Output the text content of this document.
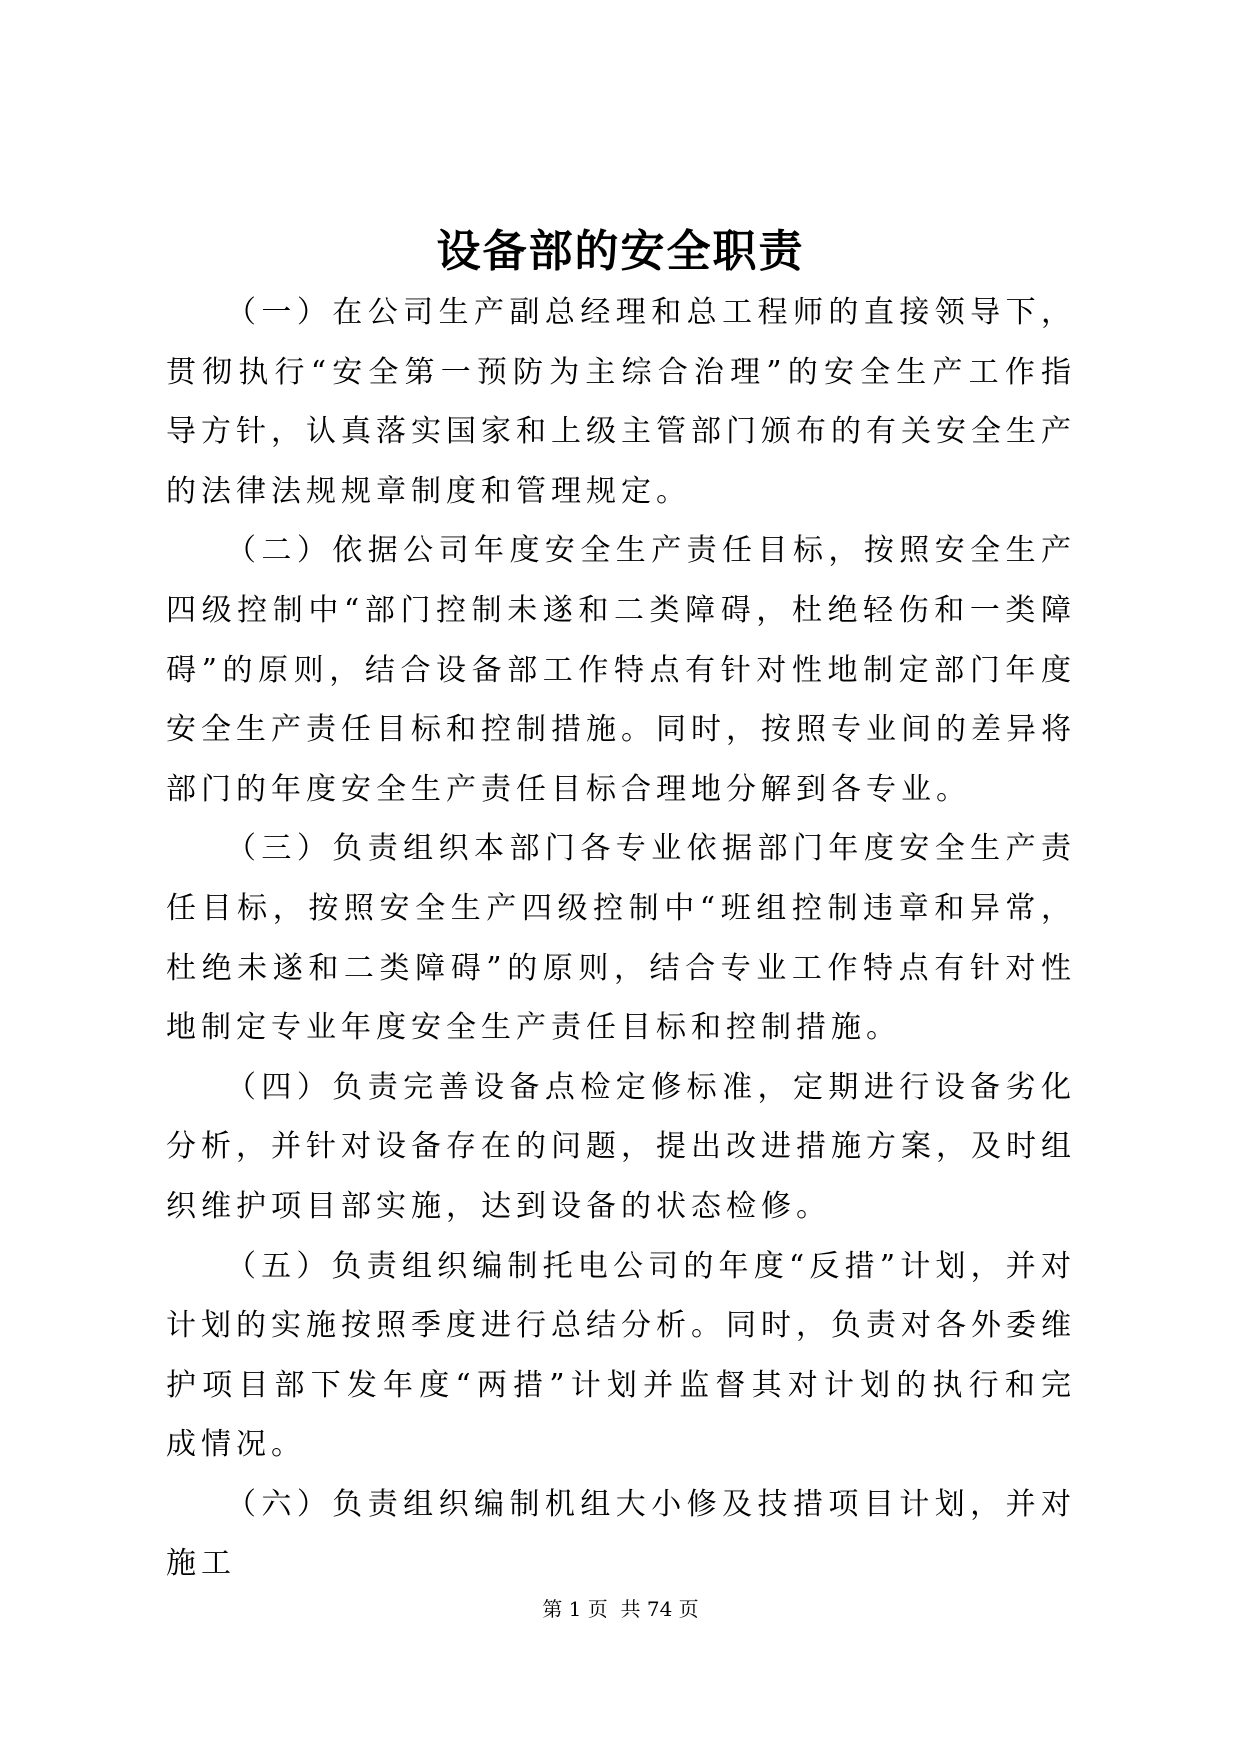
设备部的安全职责

（一）在公司生产副总经理和总工程师的直接领导下，贯彻执行“安全第一预防为主综合治理”的安全生产工作指导方针，认真落实国家和上级主管部门颁布的有关安全生产的法律法规规章制度和管理规定。

（二）依据公司年度安全生产责任目标，按照安全生产四级控制中“部门控制未遂和二类障碍，杜绝轻伤和一类障碍”的原则，结合设备部工作特点有针对性地制定部门年度安全生产责任目标和控制措施。同时，按照专业间的差异将部门的年度安全生产责任目标合理地分解到各专业。

（三）负责组织本部门各专业依据部门年度安全生产责任目标，按照安全生产四级控制中“班组控制违章和异常，杜绝未遂和二类障碍”的原则，结合专业工作特点有针对性地制定专业年度安全生产责任目标和控制措施。

（四）负责完善设备点检定修标准，定期进行设备劣化分析，并针对设备存在的问题，提出改进措施方案，及时组织维护项目部实施，达到设备的状态检修。

（五）负责组织编制托电公司的年度“反措”计划，并对计划的实施按照季度进行总结分析。同时，负责对各外委维护项目部下发年度“两措”计划并监督其对计划的执行和完成情况。

（六）负责组织编制机组大小修及技措项目计划，并对施工

第 1 页  共 74 页
